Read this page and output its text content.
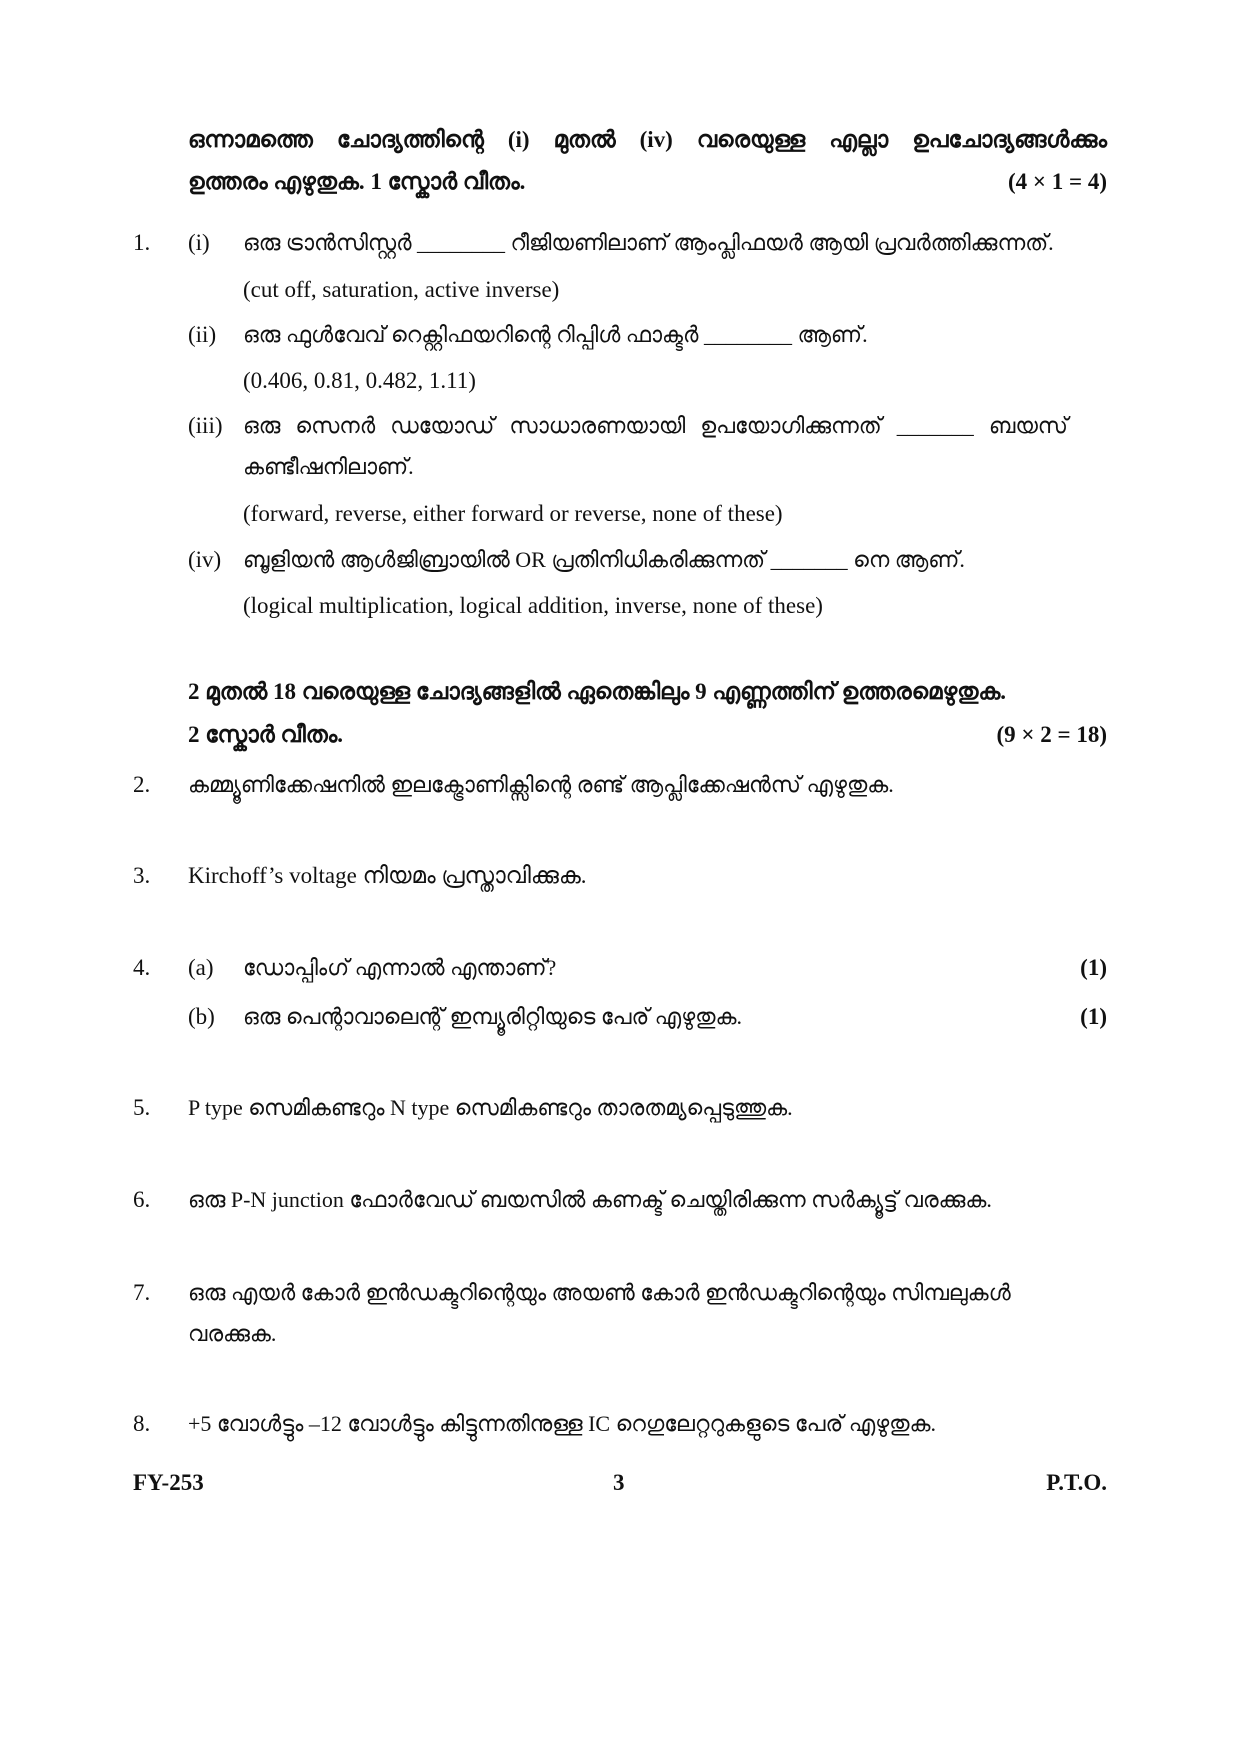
ഒന്നാമത്തെ ചോദ്യത്തിന്റെ (i) മുതൽ (iv) വരെയുള്ള എല്ലാ ഉപചോദ്യങ്ങൾക്കും
ഉത്തരം എഴുതുക. 1 സ്കോർ വീതം.	(4 × 1 = 4)
1. (i) ഒരു ട്രാൻസിസ്റ്റർ ________ റീജിയണിലാണ് ആംപ്ലിഫയർ ആയി പ്രവർത്തിക്കുന്നത്.
(cut off, saturation, active inverse)
(ii) ഒരു ഫുൾവേവ് റെക്റ്റിഫയറിന്റെ റിപ്പിൾ ഫാക്ടർ ________ ആണ്.
(0.406, 0.81, 0.482, 1.11)
(iii) ഒരു സെനർ ഡയോഡ് സാധാരണയായി ഉപയോഗിക്കുന്നത് _______ ബയസ്
കണ്ടീഷനിലാണ്.
(forward, reverse, either forward or reverse, none of these)
(iv) ബൂളിയൻ ആൾജിബ്രായിൽ OR പ്രതിനിധികരിക്കുന്നത് _______ നെ ആണ്.
(logical multiplication, logical addition, inverse, none of these)
2 മുതൽ 18 വരെയുള്ള ചോദ്യങ്ങളിൽ ഏതെങ്കിലും 9 എണ്ണത്തിന് ഉത്തരമെഴുതുക.
2 സ്കോർ വീതം.	(9 × 2 = 18)
2. കമ്മ്യൂണിക്കേഷനിൽ ഇലക്ട്രോണിക്സിന്റെ രണ്ട് ആപ്ലിക്കേഷൻസ് എഴുതുക.
3. Kirchoff’s voltage നിയമം പ്രസ്താവിക്കുക.
4. (a) ഡോപ്പിംഗ് എന്നാൽ എന്താണ്?	(1)
(b) ഒരു പെന്റാവാലെന്റ് ഇമ്പ്യൂരിറ്റിയുടെ പേര് എഴുതുക.	(1)
5. P type സെമികണ്ടറും N type സെമികണ്ടറും താരതമ്യപ്പെടുത്തുക.
6. ഒരു P-N junction ഫോർവേഡ് ബയസിൽ കണക്ട് ചെയ്തിരിക്കുന്ന സർക്യൂട്ട് വരക്കുക.
7. ഒരു എയർ കോർ ഇൻഡക്ടറിന്റെയും അയൺ കോർ ഇൻഡക്ടറിന്റെയും സിമ്പലുകൾ
വരക്കുക.
8. +5 വോൾട്ടും –12 വോൾട്ടും കിട്ടുന്നതിനുള്ള IC റെഗുലേറ്ററുകളുടെ പേര് എഴുതുക.
FY-253	3	P.T.O.
